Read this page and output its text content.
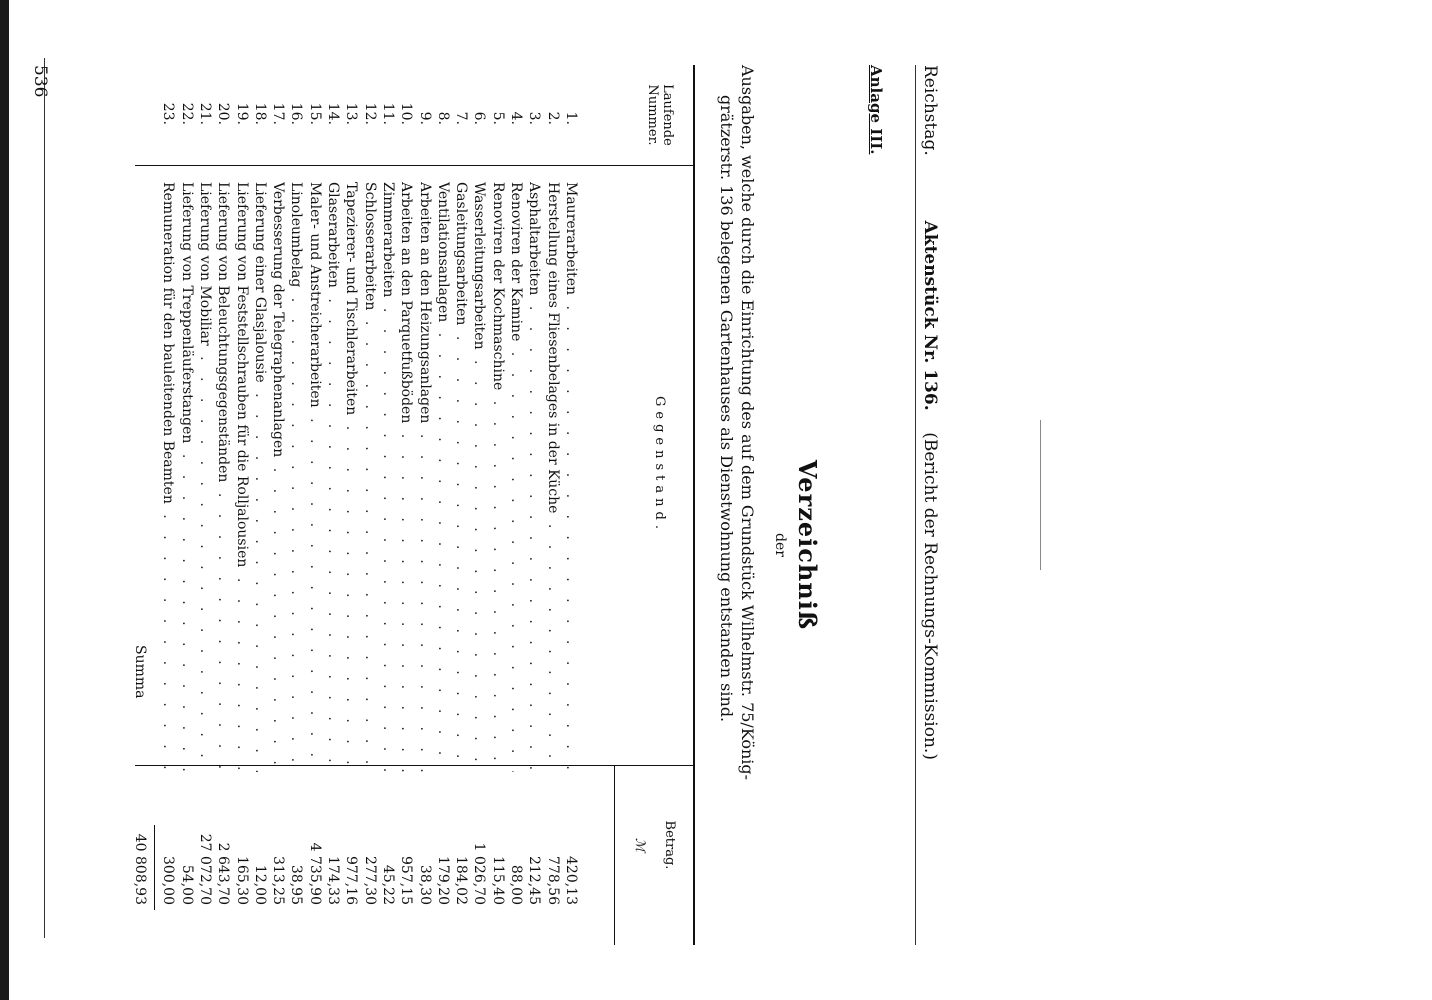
Reichstag.            Aktenstück Nr. 136.    (Bericht der Rechnungs-Kommission.)
536	Anlage III.
Verzeichniß
der
Ausgaben, welche durch die Einrichtung des auf dem Grundstück Wilhelmstr. 75/König-
grätzerstr. 136 belegenen Gartenhauses als Dienstwohnung entstanden sind.
Laufende Nummer.
Gegenstand.
Betrag.
ℳ
1.
Maurerarbeiten . . .
420,13
2.
Herstellung eines Fliesenbelages in der Küche . . .
778,56
3.
Asphaltarbeiten . . .
212,45
4.
Renoviren der Kamine . . .
88,00
5.
Renoviren der Kochmaschine . . .
115,40
6.
Wasserleitungsarbeiten . . .
1 026,70
7.
Gasleitungsarbeiten . . .
184,02
8.
Ventilationsanlagen . . .
179,20
9.
Arbeiten an den Heizungsanlagen . . .
38,30
10.
Arbeiten an den Parquetfußböden . . .
957,15
11.
Zimmerarbeiten . . .
45,22
12.
Schlosserarbeiten . . .
277,30
13.
Tapezierer- und Tischlerarbeiten . . .
977,16
14.
Glaserarbeiten . . .
174,33
15.
Maler- und Anstreicherarbeiten . . .
4 735,90
16.
Linoleumbelag . . .
38,95
17.
Verbesserung der Telegraphenanlagen . . .
313,25
18.
Lieferung einer Glasjalousie . . .
12,00
19.
Lieferung von Feststellschrauben für die Rolljalousien . . .
165,30
20.
Lieferung von Beleuchtungsgegenständen . . .
2 643,70
21.
Lieferung von Mobiliar . . .
27 072,70
22.
Lieferung von Treppenläuferstangen . . .
54,00
23.
Remuneration für den bauleitenden Beamten . . .
300,00
Summa
40 808,93
